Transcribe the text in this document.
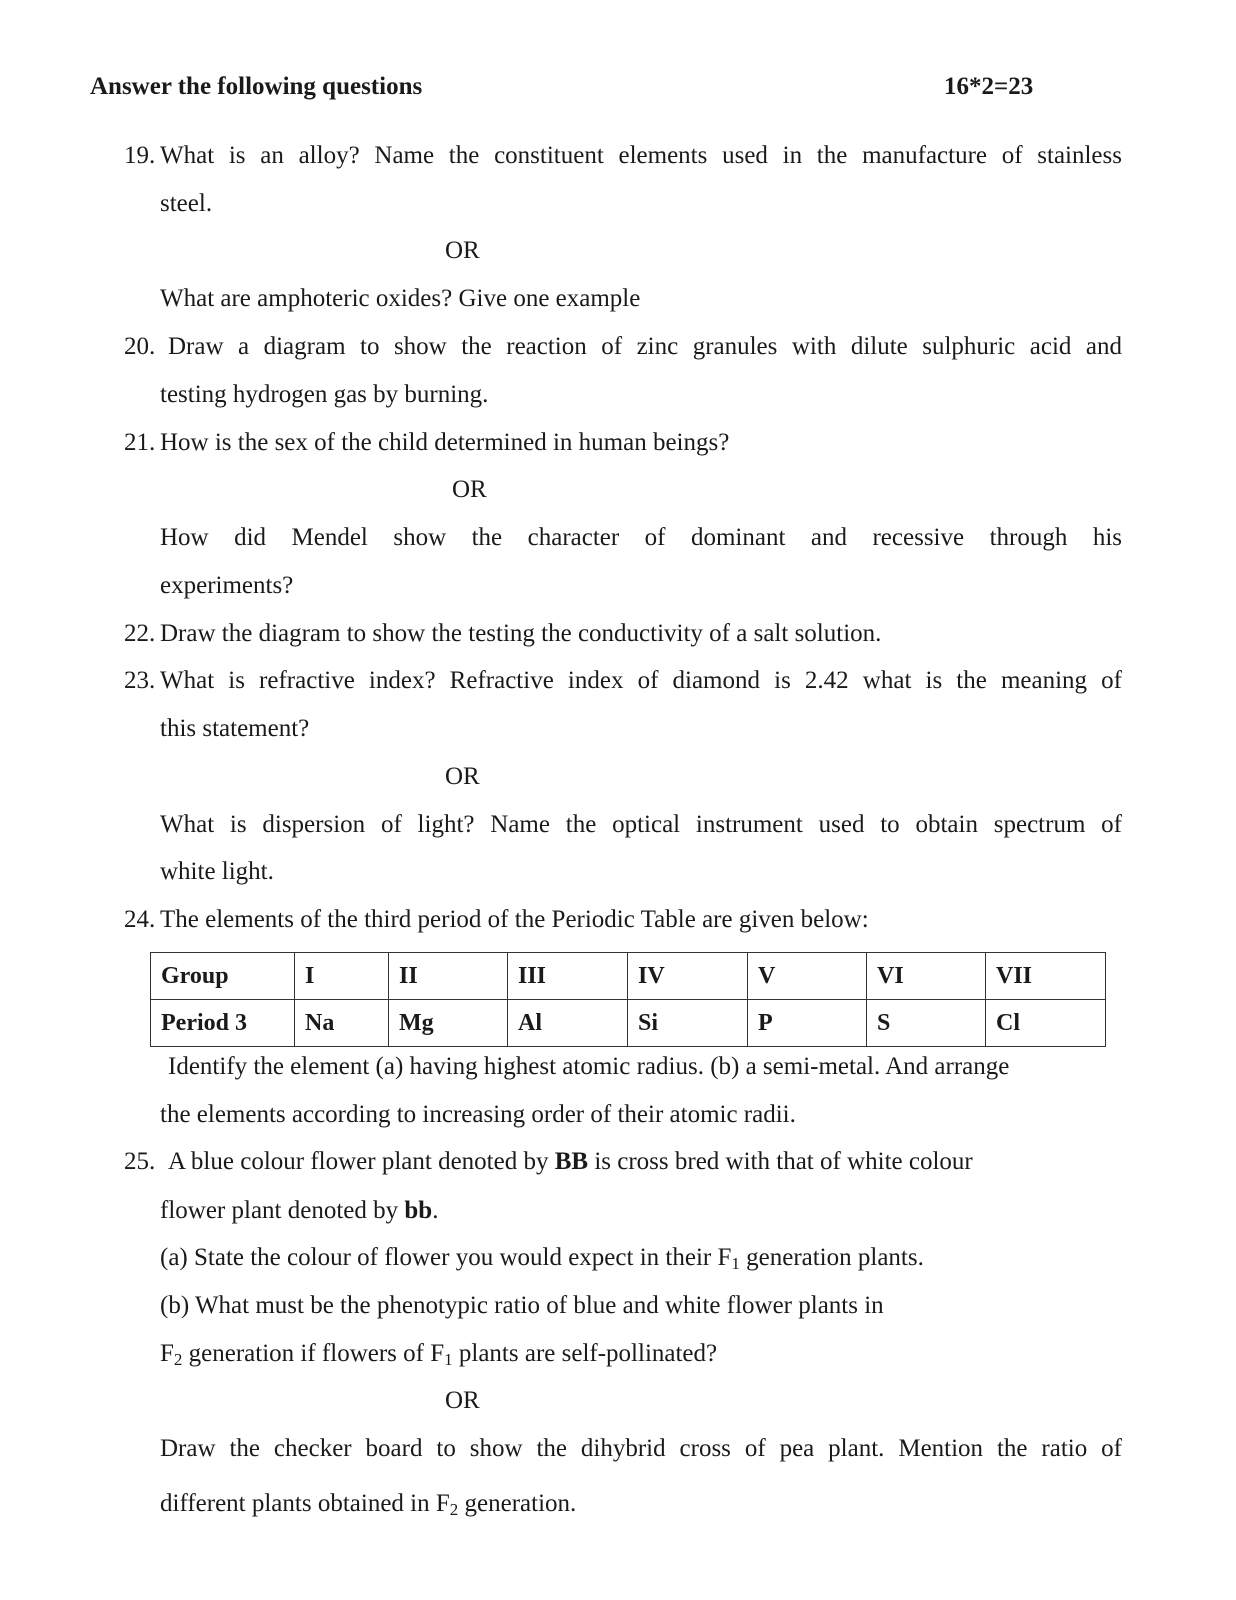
Answer the following questions	16*2=23
19. What is an alloy? Name the constituent elements used in the manufacture of stainless
steel.
OR
What are amphoteric oxides? Give one example
20. Draw a diagram to show the reaction of zinc granules with dilute sulphuric acid and
testing hydrogen gas by burning.
21. How is the sex of the child determined in human beings?
OR
How did Mendel show the character of dominant and recessive through his
experiments?
22. Draw the diagram to show the testing the conductivity of a salt solution.
23. What is refractive index? Refractive index of diamond is 2.42 what is the meaning of
this statement?
OR
What is dispersion of light? Name the optical instrument used to obtain spectrum of
white light.
24. The elements of the third period of the Periodic Table are given below:
Group	I	II	III	IV	V	VI	VII
Period 3	Na	Mg	Al	Si	P	S	Cl
Identify the element (a) having highest atomic radius. (b) a semi-metal. And arrange
the elements according to increasing order of their atomic radii.
25. A blue colour flower plant denoted by BB is cross bred with that of white colour
flower plant denoted by bb.
(a) State the colour of flower you would expect in their $F_1$ generation plants.
(b) What must be the phenotypic ratio of blue and white flower plants in
$F_2$ generation if flowers of $F_1$ plants are self-pollinated?
OR
Draw the checker board to show the dihybrid cross of pea plant. Mention the ratio of
different plants obtained in $F_2$ generation.
